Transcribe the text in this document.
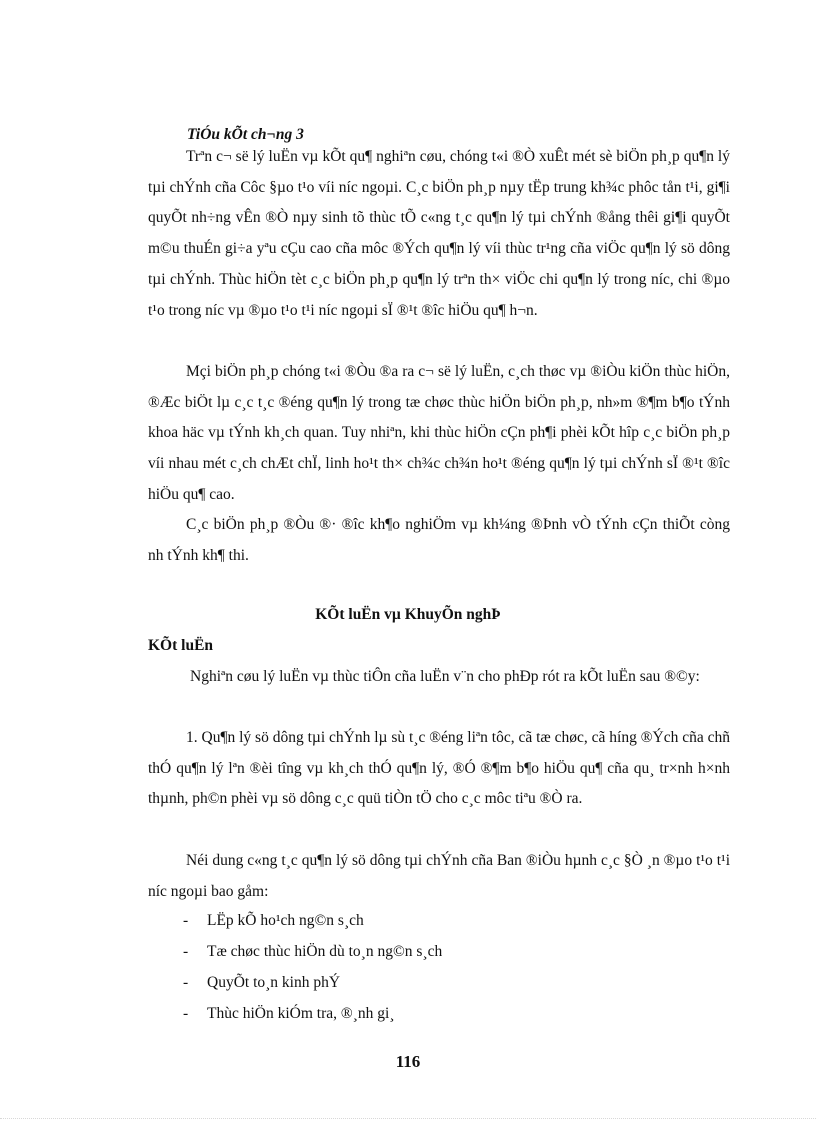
TiÓu kÕt ch¬ng 3

Trªn c¬ së lý luËn vµ kÕt qu¶ nghiªn cøu, chóng t«i ®Ò xuÊt mét sè biÖn ph¸p qu¶n lý tµi chÝnh cña Côc §µo t¹o víi níc ngoµi. C¸c biÖn ph¸p nµy tËp trung kh¾c phôc tån t¹i, gi¶i quyÕt nh÷ng vÊn ®Ò nµy sinh tõ thùc tÕ c«ng t¸c qu¶n lý tµi chÝnh ®ång thêi gi¶i quyÕt m©u thuÉn gi÷a yªu cÇu cao cña môc ®Ých qu¶n lý víi thùc tr¹ng cña viÖc qu¶n lý sö dông tµi chÝnh. Thùc hiÖn tèt c¸c biÖn ph¸p qu¶n lý trªn th× viÖc chi qu¶n lý trong níc, chi ®µo t¹o trong níc vµ ®µo t¹o t¹i níc ngoµi sÏ ®¹t ®îc hiÖu qu¶ h¬n.

Mçi biÖn ph¸p chóng t«i ®Òu ®a ra c¬ së lý luËn, c¸ch thøc vµ ®iÒu kiÖn thùc hiÖn, ®Æc biÖt lµ c¸c t¸c ®éng qu¶n lý trong tæ chøc thùc hiÖn biÖn ph¸p, nh»m ®¶m b¶o tÝnh khoa häc vµ tÝnh kh¸ch quan. Tuy nhiªn, khi thùc hiÖn cÇn ph¶i phèi kÕt hîp c¸c biÖn ph¸p víi nhau mét c¸ch chÆt chÏ, linh ho¹t th× ch¾c ch¾n ho¹t ®éng qu¶n lý tµi chÝnh sÏ ®¹t ®îc hiÖu qu¶ cao.

C¸c biÖn ph¸p ®Òu ®· ®îc kh¶o nghiÖm vµ kh¼ng ®Þnh vÒ tÝnh cÇn thiÕt còng nh tÝnh kh¶ thi.

KÕt luËn vµ KhuyÕn nghÞ
KÕt luËn

Nghiªn cøu lý luËn vµ thùc tiÔn cña luËn v¨n cho phÐp rót ra kÕt luËn sau ®©y:

1. Qu¶n lý sö dông tµi chÝnh lµ sù t¸c ®éng liªn tôc, cã tæ chøc, cã híng ®Ých cña chñ thÓ qu¶n lý lªn ®èi tîng vµ kh¸ch thÓ qu¶n lý, ®Ó ®¶m b¶o hiÖu qu¶ cña qu¸ tr×nh h×nh thµnh, ph©n phèi vµ sö dông c¸c quü tiÒn tÖ cho c¸c môc tiªu ®Ò ra.

Néi dung c«ng t¸c qu¶n lý sö dông tµi chÝnh cña Ban ®iÒu hµnh c¸c §Ò ¸n ®µo t¹o t¹i níc ngoµi bao gåm:

-	LËp kÕ ho¹ch ng©n s¸ch
-	Tæ chøc thùc hiÖn dù to¸n ng©n s¸ch
-	QuyÕt to¸n kinh phÝ
-	Thùc hiÖn kiÓm tra, ®¸nh gi¸
116
